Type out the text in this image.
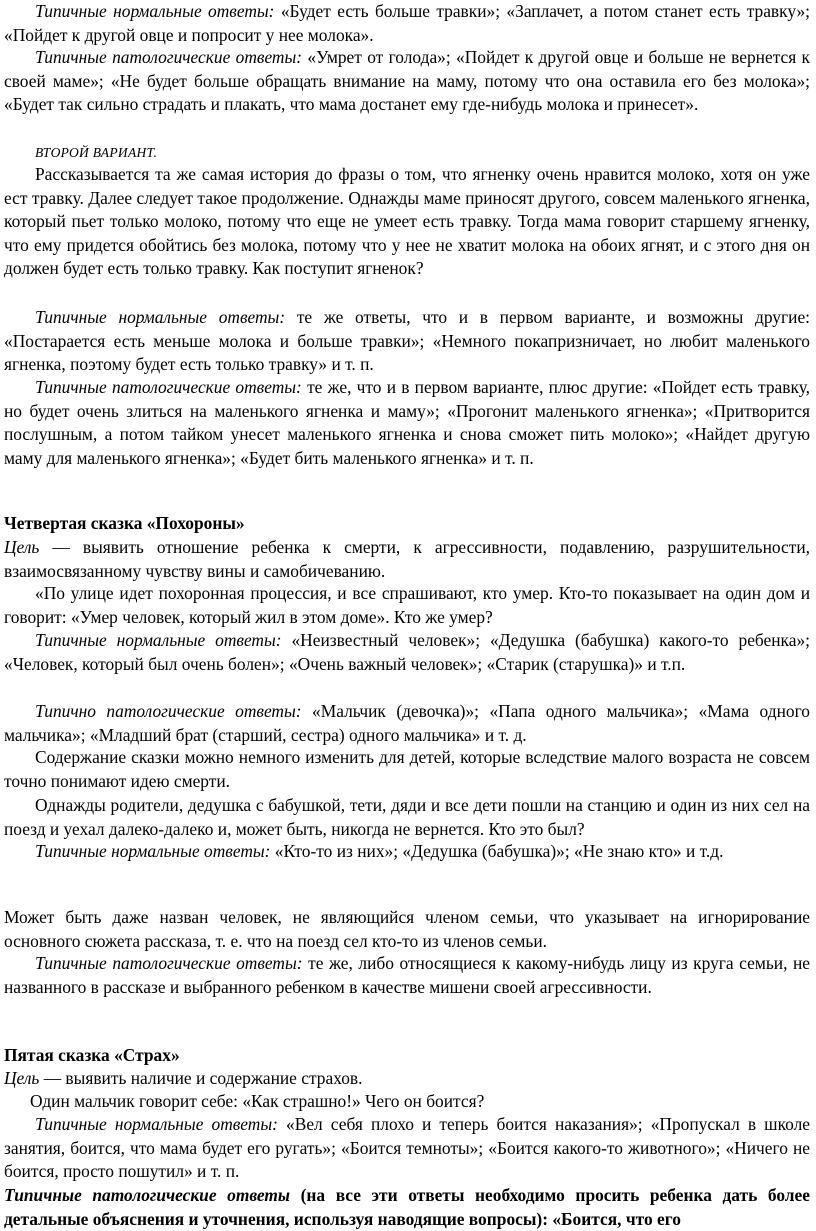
Типичные нормальные ответы: «Будет есть больше травки»; «Заплачет, а потом станет есть травку»; «Пойдет к другой овце и попросит у нее молока».

Типичные патологические ответы: «Умрет от голода»; «Пойдет к другой овце и больше не вернется к своей маме»; «Не будет больше обращать внимание на маму, потому что она оставила его без молока»; «Будет так сильно страдать и плакать, что мама достанет ему где-нибудь молока и принесет».

ВТОРОЙ ВАРИАНТ.

Рассказывается та же самая история до фразы о том, что ягненку очень нравится молоко, хотя он уже ест травку. Далее следует такое продолжение. Однажды маме приносят другого, совсем маленького ягненка, который пьет только молоко, потому что еще не умеет есть травку. Тогда мама говорит старшему ягненку, что ему придется обойтись без молока, потому что у нее не хватит молока на обоих ягнят, и с этого дня он должен будет есть только травку. Как поступит ягненок?

Типичные нормальные ответы: те же ответы, что и в первом варианте, и возможны другие: «Постарается есть меньше молока и больше травки»; «Немного покапризничает, но любит маленького ягненка, поэтому будет есть только травку» и т. п.

Типичные патологические ответы: те же, что и в первом варианте, плюс другие: «Пойдет есть травку, но будет очень злиться на маленького ягненка и маму»; «Прогонит маленького ягненка»; «Притворится послушным, а потом тайком унесет маленького ягненка и снова сможет пить молоко»; «Найдет другую маму для маленького ягненка»; «Будет бить маленького ягненка» и т. п.

Четвертая сказка «Похороны»

Цель — выявить отношение ребенка к смерти, к агрессивности, подавлению, разрушительности, взаимосвязанному чувству вины и самобичеванию.

«По улице идет похоронная процессия, и все спрашивают, кто умер. Кто-то показывает на один дом и говорит: «Умер человек, который жил в этом доме». Кто же умер?

Типичные нормальные ответы: «Неизвестный человек»; «Дедушка (бабушка) какого-то ребенка»; «Человек, который был очень болен»; «Очень важный человек»; «Старик (старушка)» и т.п.

Типично патологические ответы: «Мальчик (девочка)»; «Папа одного мальчика»; «Мама одного мальчика»; «Младший брат (старший, сестра) одного мальчика» и т. д.

Содержание сказки можно немного изменить для детей, которые вследствие малого возраста не совсем точно понимают идею смерти.

Однажды родители, дедушка с бабушкой, тети, дяди и все дети пошли на станцию и один из них сел на поезд и уехал далеко-далеко и, может быть, никогда не вернется. Кто это был?

Типичные нормальные ответы: «Кто-то из них»; «Дедушка (бабушка)»; «Не знаю кто» и т.д.

Может быть даже назван человек, не являющийся членом семьи, что указывает на игнорирование основного сюжета рассказа, т. е. что на поезд сел кто-то из членов семьи.

Типичные патологические ответы: те же, либо относящиеся к какому-нибудь лицу из круга семьи, не названного в рассказе и выбранного ребенком в качестве мишени своей агрессивности.

Пятая сказка «Страх»

Цель — выявить наличие и содержание страхов.

Один мальчик говорит себе: «Как страшно!» Чего он боится?

Типичные нормальные ответы: «Вел себя плохо и теперь боится наказания»; «Пропускал в школе занятия, боится, что мама будет его ругать»; «Боится темноты»; «Боится какого-то животного»; «Ничего не боится, просто пошутил» и т. п.

Типичные патологические ответы (на все эти ответы необходимо просить ребенка дать более детальные объяснения и уточнения, используя наводящие вопросы): «Боится, что его
